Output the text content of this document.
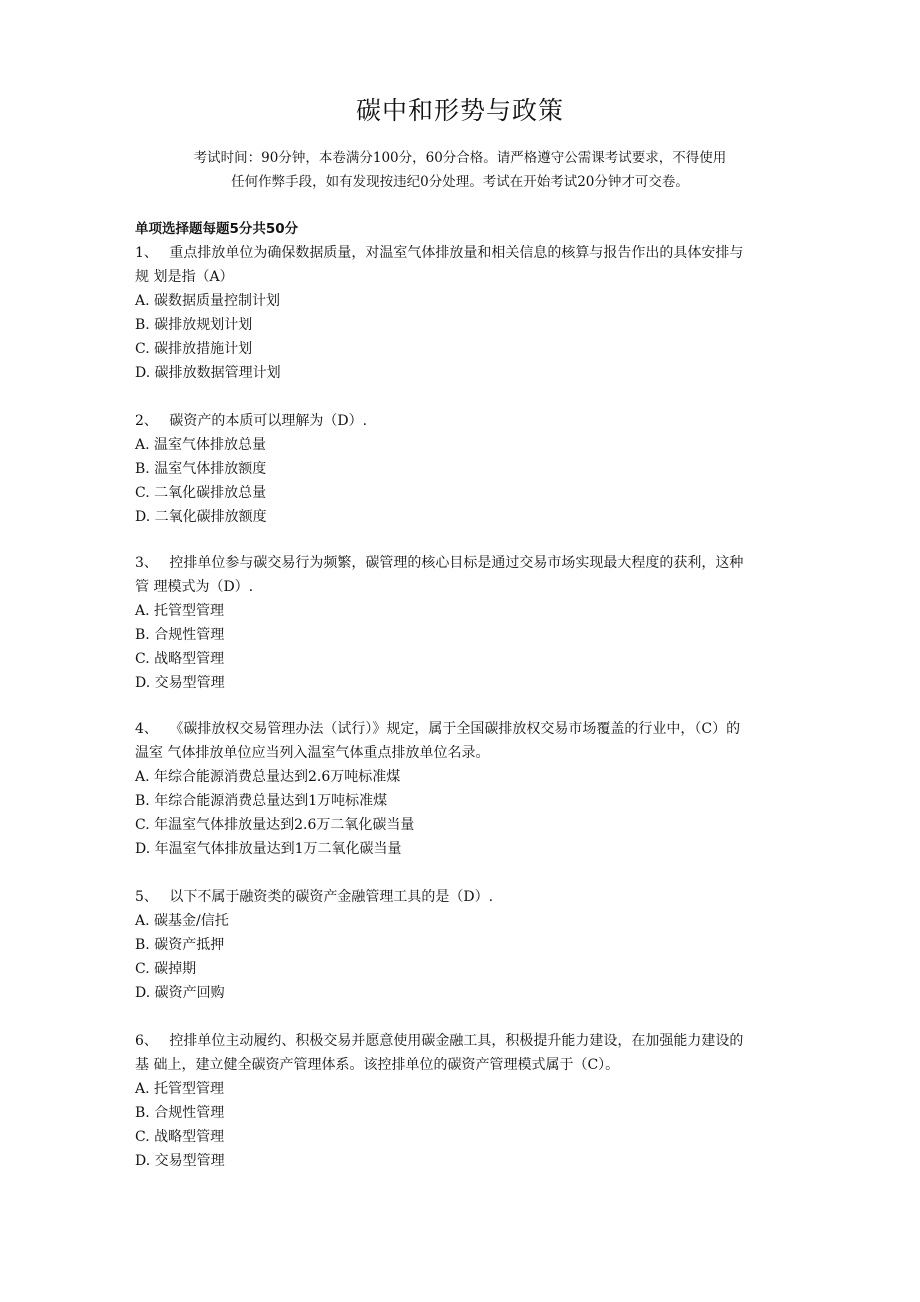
碳中和形势与政策
考试时间：90分钟，本卷满分100分，60分合格。请严格遵守公需课考试要求，不得使用
任何作弊手段，如有发现按违纪0分处理。考试在开始考试20分钟才可交卷。
单项选择题每题5分共50分

1、　 重点排放单位为确保数据质量，对温室气体排放量和相关信息的核算与报告作出的具体安排与

规 划是指（A）

A. 碳数据质量控制计划

B. 碳排放规划计划

C. 碳排放措施计划

D. 碳排放数据管理计划

2、　 碳资产的本质可以理解为（D）.

A. 温室气体排放总量

B. 温室气体排放额度

C. 二氧化碳排放总量

D. 二氧化碳排放额度

3、　 控排单位参与碳交易行为频繁，碳管理的核心目标是通过交易市场实现最大程度的获利，这种

管 理模式为（D）.

A. 托管型管理

B. 合规性管理

C. 战略型管理

D. 交易型管理

4、　 《碳排放权交易管理办法（试行）》规定，属于全国碳排放权交易市场覆盖的行业中，（C）的

温室 气体排放单位应当列入温室气体重点排放单位名录。

A. 年综合能源消费总量达到2.6万吨标准煤

B. 年综合能源消费总量达到1万吨标准煤

C. 年温室气体排放量达到2.6万二氧化碳当量

D. 年温室气体排放量达到1万二氧化碳当量

5、　 以下不属于融资类的碳资产金融管理工具的是（D）.

A. 碳基金/信托

B. 碳资产抵押

C. 碳掉期

D. 碳资产回购

6、　 控排单位主动履约、积极交易并愿意使用碳金融工具，积极提升能力建设，在加强能力建设的

基 础上，建立健全碳资产管理体系。该控排单位的碳资产管理模式属于（C）。

A. 托管型管理

B. 合规性管理

C. 战略型管理

D. 交易型管理
